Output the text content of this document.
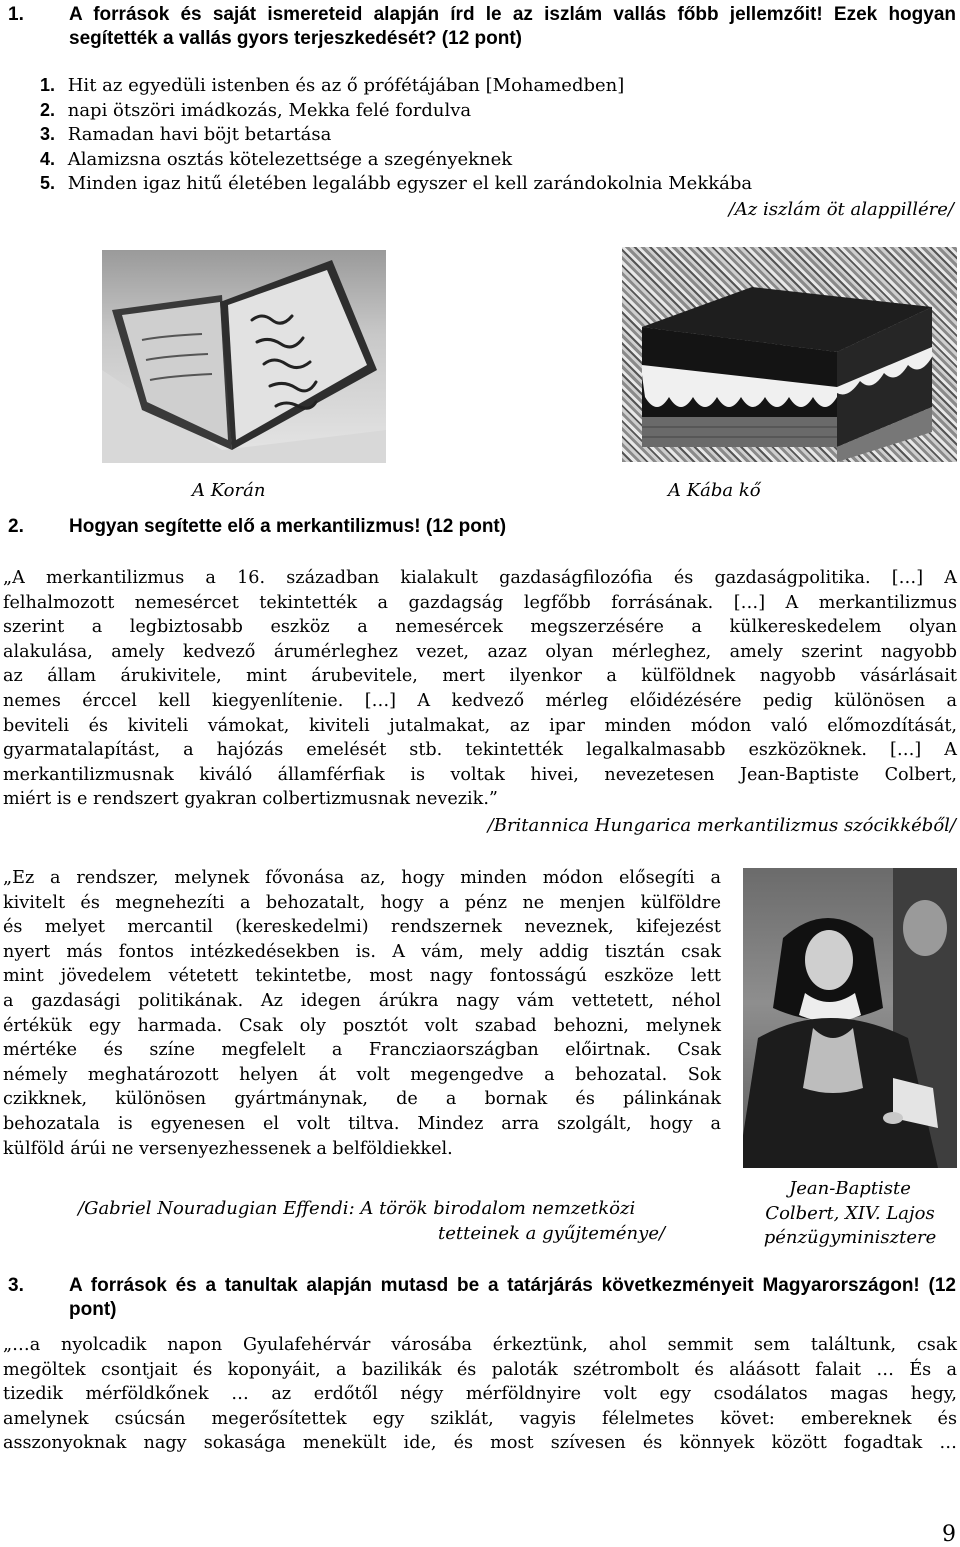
1. A források és saját ismereteid alapján írd le az iszlám vallás főbb jellemzőit! Ezek hogyan segítették a vallás gyors terjeszkedését? (12 pont)
1. Hit az egyedüli istenben és az ő prófétájában [Mohamedben]
2. napi ötszöri imádkozás, Mekka felé fordulva
3. Ramadan havi böjt betartása
4. Alamizsna osztás kötelezettsége a szegényeknek
5. Minden igaz hitű életében legalább egyszer el kell zarándokolnia Mekkába
/Az iszlám öt alappillére/
A Korán	A Kába kő
2. Hogyan segítette elő a merkantilizmus! (12 pont)
„A merkantilizmus a 16. században kialakult gazdaságfilozófia és gazdaságpolitika. […] A
felhalmozott nemesércet tekintették a gazdagság legfőbb forrásának. […] A merkantilizmus
szerint a legbiztosabb eszköz a nemesércek megszerzésére a külkereskedelem olyan
alakulása, amely kedvező árumérleghez vezet, azaz olyan mérleghez, amely szerint nagyobb
az állam árukivitele, mint árubevitele, mert ilyenkor a külföldnek nagyobb vásárlásait
nemes érccel kell kiegyenlítenie. […] A kedvező mérleg előidézésére pedig különösen a
beviteli és kiviteli vámokat, kiviteli jutalmakat, az ipar minden módon való előmozdítását,
gyarmatalapítást, a hajózás emelését stb. tekintették legalkalmasabb eszközöknek. […] A
merkantilizmusnak kiváló államférfiak is voltak hivei, nevezetesen Jean-Baptiste Colbert,
miért is e rendszert gyakran colbertizmusnak nevezik.”
/Britannica Hungarica merkantilizmus szócikkéből/
„Ez a rendszer, melynek fővonása az, hogy minden módon elősegíti a
kivitelt és megnehezíti a behozatalt, hogy a pénz ne menjen külföldre
és melyet mercantil (kereskedelmi) rendszernek neveznek, kifejezést
nyert más fontos intézkedésekben is. A vám, mely addig tisztán csak
mint jövedelem vétetett tekintetbe, most nagy fontosságú eszköze lett
a gazdasági politikának. Az idegen árúkra nagy vám vettetett, néhol
értékük egy harmada. Csak oly posztót volt szabad behozni, melynek
mértéke és színe megfelelt a Francziaországban előirtnak. Csak
némely meghatározott helyen át volt megengedve a behozatal. Sok
czikknek, különösen gyártmánynak, de a bornak és pálinkának
behozatala is egyenesen el volt tiltva. Mindez arra szolgált, hogy a
külföld árúi ne versenyezhessenek a belföldiekkel.
/Gabriel Nouradugian Effendi: A török birodalom nemzetközi
tetteinek a gyűjteménye/
Jean-Baptiste
Colbert, XIV. Lajos
pénzügyminisztere
3. A források és a tanultak alapján mutasd be a tatárjárás következményeit Magyarországon! (12 pont)
„…a nyolcadik napon Gyulafehérvár városába érkeztünk, ahol semmit sem találtunk, csak
megöltek csontjait és koponyáit, a bazilikák és paloták szétrombolt és aláásott falait … És a
tizedik mérföldkőnek … az erdőtől négy mérföldnyire volt egy csodálatos magas hegy,
amelynek csúcsán megerősítettek egy sziklát, vagyis félelmetes követ: embereknek és
asszonyoknak nagy sokasága menekült ide, és most szívesen és könnyek között fogadtak …
9
